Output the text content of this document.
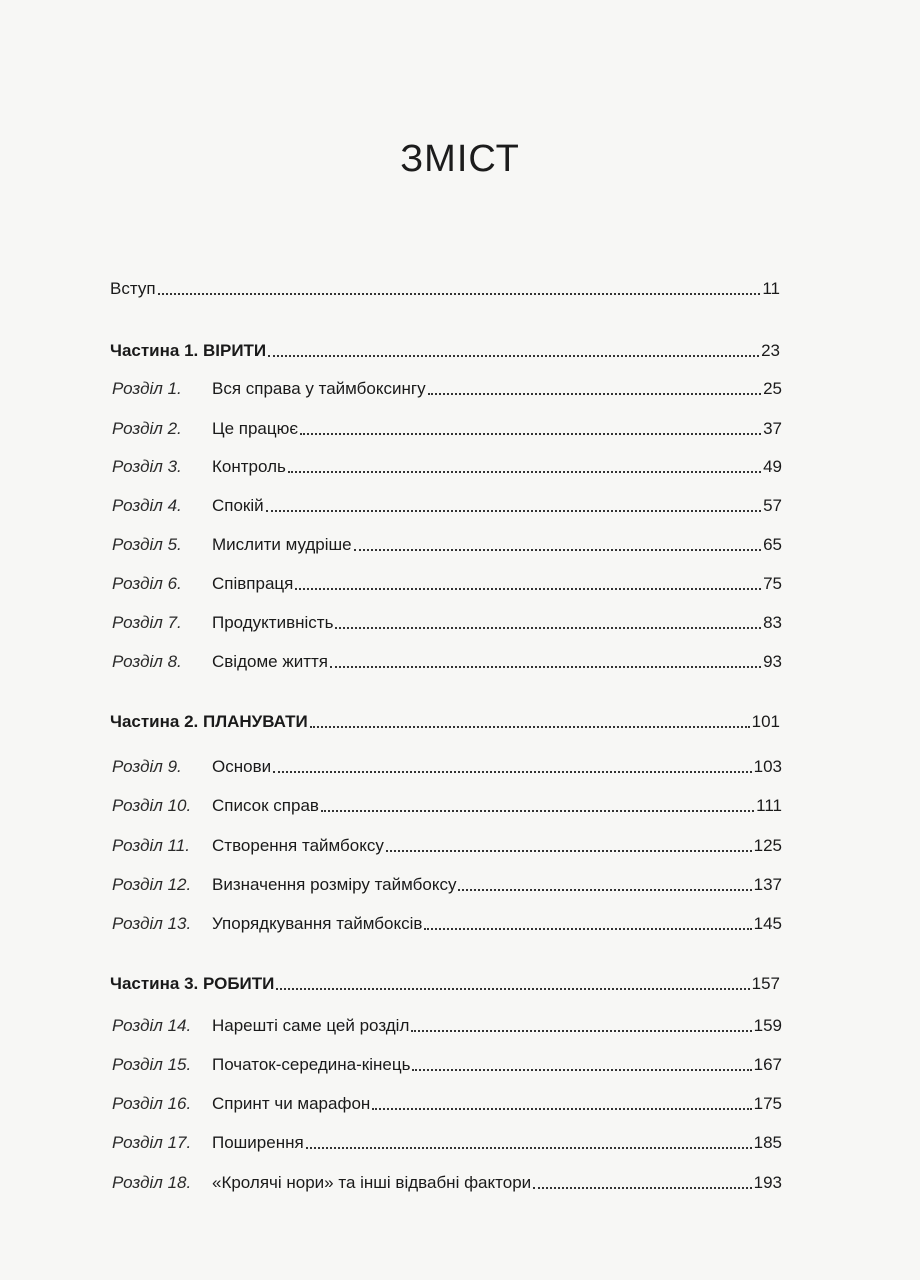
ЗМІСТ
Вступ	11
Частина 1. ВІРИТИ	23
Розділ 1.	Вся справа у таймбоксингу	25
Розділ 2.	Це працює	37
Розділ 3.	Контроль	49
Розділ 4.	Спокій	57
Розділ 5.	Мислити мудріше	65
Розділ 6.	Співпраця	75
Розділ 7.	Продуктивність	83
Розділ 8.	Свідоме життя	93
Частина 2. ПЛАНУВАТИ	101
Розділ 9.	Основи	103
Розділ 10.	Список справ	111
Розділ 11.	Створення таймбоксу	125
Розділ 12.	Визначення розміру таймбоксу	137
Розділ 13.	Упорядкування таймбоксів	145
Частина 3. РОБИТИ	157
Розділ 14.	Нарешті саме цей розділ	159
Розділ 15.	Початок-середина-кінець	167
Розділ 16.	Спринт чи марафон	175
Розділ 17.	Поширення	185
Розділ 18.	«Кролячі нори» та інші відвабні фактори	193
